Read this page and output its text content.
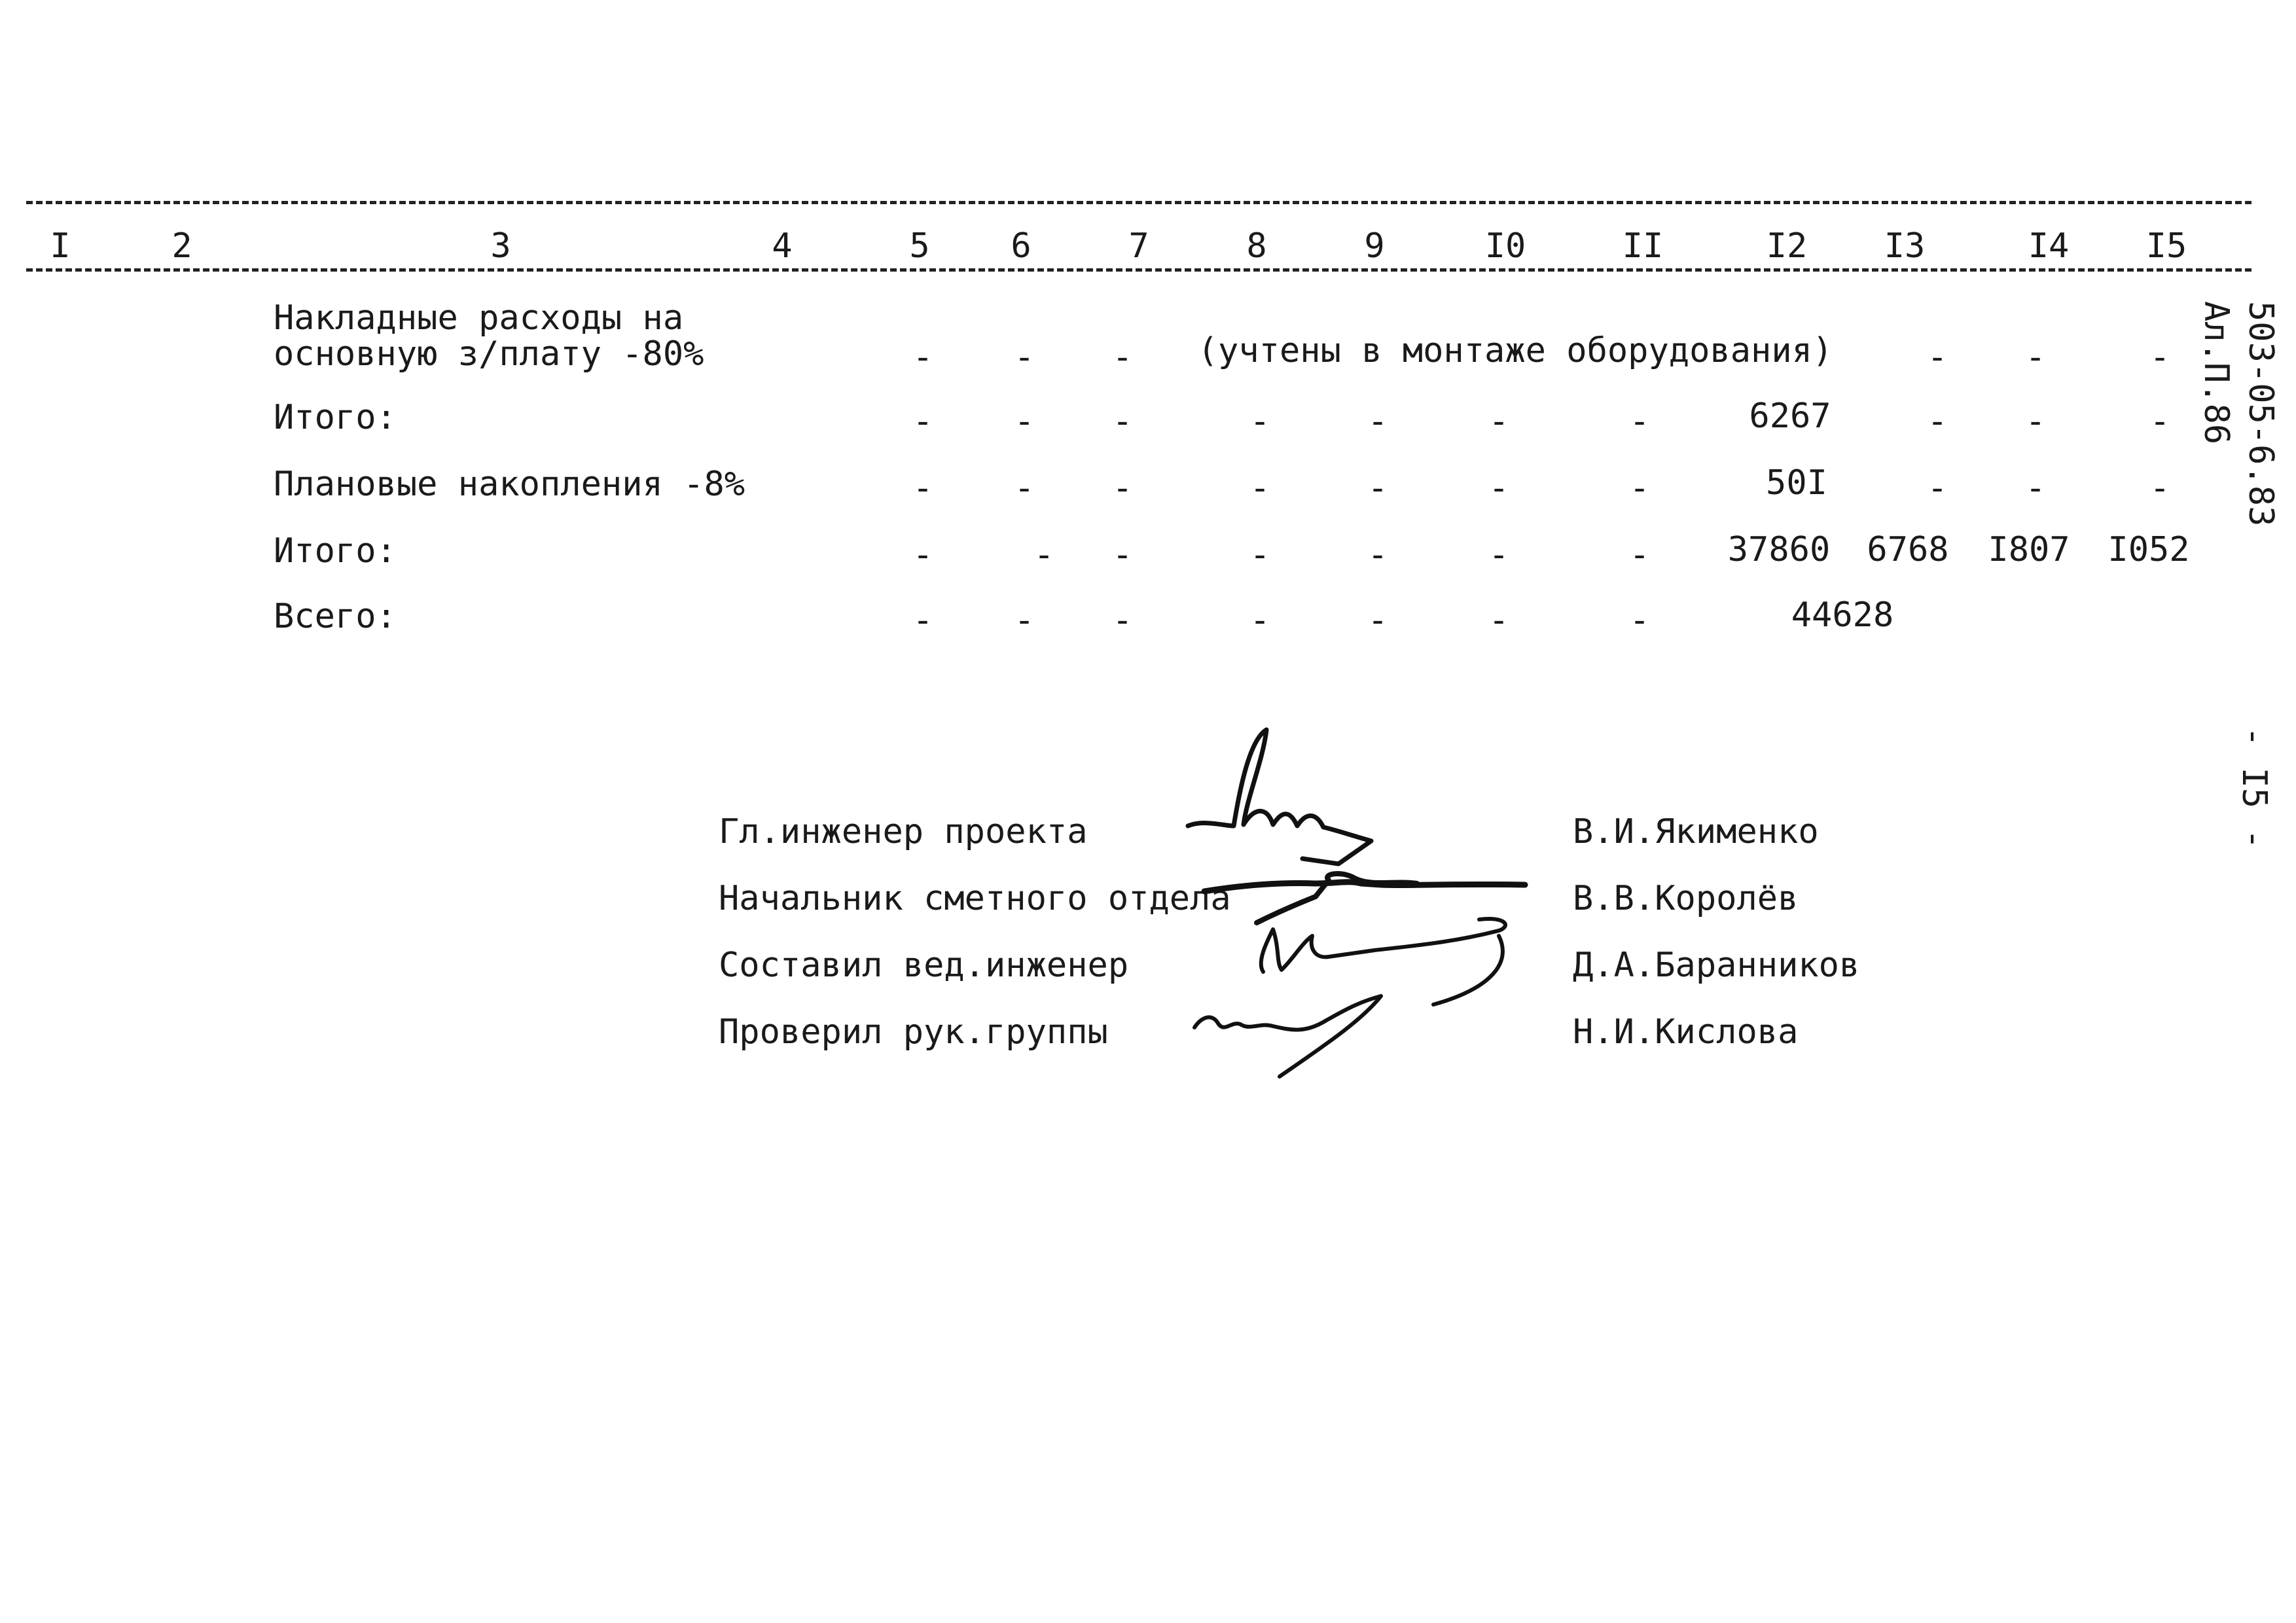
I	2	3	4	5 6	7	8	9	I0	II	I2 I3	I4 I5
Накладные расходы на
основную з/плату -80%	- - - (учтены в монтаже оборудования)	- -	-
Итого:	- - -	-	-	-	-	6267	- -	-
Плановые накопления -8%	- - -	-	-	-	-	50I	- -	-
Итого:	-	- -	-	-	-	- 37860 6768 I807 I052
Всего:	- - -	-	-	-	-	44628
503-05-6.83
Ал.П.86
- I5 -
Гл.инженер проекта	В.И.Якименко
Начальник сметного отдела	В.В.Королёв
Составил вед.инженер	Д.А.Баранников
Проверил рук.группы	Н.И.Кислова
